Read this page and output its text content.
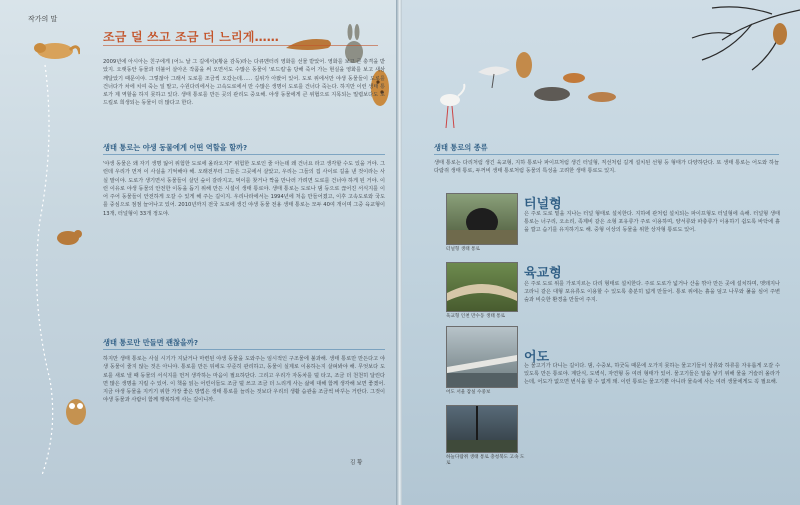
작가의 말
조금 덜 쓰고 조금 더 느리게……
2009년에 아시아는 친구에게 (어느 날 그 길에서)(황윤 감독)라는 다큐멘터리 영화를 선물 받았어. 영화를 보고 큰 충격을 받았지. 오랫동안 동물과 더불어 살아온 작품을 써 오면서도 수많은 동물이 '로드킬'을 당해 죽어 가는 현실을 영화를 보고 새삼 깨달았기 때문이야. 그렇잖아 그래서 도로를 조금씩 오갔는데…… 길위가 아팠어 있어. 도로 위에서만 야생 동물들이 도로를 건너다가 차에 치여 죽는 일 말고, 수원다리에서는 고속도로에서 만 수많은 생명이 도로를 건너다 죽는다. 하지만 이런 생태 통로가 제 역할을 하지 못하고 있다. 생태 통로를 만든 곳의 관리도 중요해. 야생 동물에게 큰 위협으로 지목되는 밀렵보다도 로드킬로 희생되는 동물이 더 많다고 한다.
생태 통로는 야생 동물에게 어떤 역할을 할까?
'야생 동물은 왜 자기 생명 잃어 위험한 도로에 올라오지?' 위험한 도로인 줄 아는데 왜 건너요 라고 생각할 수도 있을 거야. 그런데 우리가 먼저 이 사실을 기억해야 해. 오래전부터 그들은 그곳에서 살았고, 우리는 그들의 집 사이로 길을 낸 것이라는 사실 말이야. 도로가 생기면서 동물들이 살던 숲이 갈라지고, 먹이를 찾거나 짝을 만나러 가려면 도로를 건너야 하게 된 거야. 이런 이유로 야생 동물의 안전한 이동을 돕기 위해 만든 시설이 생태 통로야. 생태 통로는 도로나 댐 등으로 끊어진 서식지를 이어 주어 동물들이 안전하게 오갈 수 있게 해 주는 길이지. 우리나라에서는 1994년에 처음 만들어졌고, 이후 고속도로와 국도를 중심으로 점점 늘어나고 있어. 2010년까지 전국 도로에 생긴 야생 동물 전용 생태 통로는 모두 40여 개이며 그중 육교형이 13개, 터널형이 33개 정도야.
생태 통로만 만들면 괜찮을까?
하지만 생태 통로는 사실 시기가 지났거나 마련된 야생 동물을 도와주는 임시적인 구조물에 불과해. 생태 통로만 만든다고 야생 동물이 줄지 않는 것은 아니야. 통로를 만든 뒤에도 꾸준히 관리하고, 동물이 실제로 이용하는지 살펴봐야 해. 무엇보다 도로를 새로 낼 때 동물의 서식지를 먼저 생각하는 마음이 필요하단다. 그리고 우리가 자동차를 덜 타고, 조금 더 천천히 달린다면 많은 생명을 지킬 수 있어. 이 책을 읽는 어린이들도 조금 덜 쓰고 조금 더 느리게 사는 삶에 대해 함께 생각해 보면 좋겠어. 지금 야생 동물을 지키기 위한 가장 좋은 방법은 생태 통로를 늘리는 것보다 우리의 생활 습관을 조금씩 바꾸는 거란다. 그것이 야생 동물과 사람이 함께 행복하게 사는 길이니까.
김 황
생태 통로의 종류
생태 통로는 다리처럼 생긴 육교형, 지하 통로나 파이프처럼 생긴 터널형, 직선처럼 길게 설치된 선형 등 형태가 다양하단다. 또 생태 통로는 어도와 하늘다람쥐 생태 통로, 두꺼비 생태 통로처럼 동물의 특성을 고려한 생태 통로도 있지.
터널형 생태 통로
터널형
은 주로 도로 밑을 지나는 터널 형태로 설치한다. 지하에 관처럼 설치되는 파이프형도 터널형에 속해. 터널형 생태 통로는 너구리, 오소리, 족제비 같은 소형 포유류가 주로 이용하며, 양서류와 파충류가 이용하기 쉽도록 바닥에 흙을 깔고 습기를 유지하기도 해. 중형 이상의 동물을 위한 상자형 통로도 있어.
육교형 인천 만수동 생태 통로
육교형
은 주로 도로 위를 가로지르는 다리 형태로 설치한다. 주로 도로가 넓거나 산을 깎아 만든 곳에 설치하며, 멧돼지나 고라니 같은 대형 포유류도 이용할 수 있도록 충분히 넓게 만들어. 통로 위에는 흙을 덮고 나무와 풀을 심어 주변 숲과 비슷한 환경을 만들어 주지.
어도 서울 잠실 수중보
어도
는 물고기가 다니는 길이다. 댐, 수중보, 하굿둑 때문에 오가지 못하는 물고기들이 상류와 하류를 자유롭게 오갈 수 있도록 만든 통로야. 계단식, 도벽식, 자연형 등 여러 형태가 있어. 물고기들은 알을 낳기 위해 물을 거슬러 올라가는데, 어도가 없으면 번식을 할 수 없게 돼. 이런 통로는 물고기뿐 아니라 물속에 사는 여러 생물에게도 꼭 필요해.
하늘다람쥐 생태 통로 충청북도 고속 도로
